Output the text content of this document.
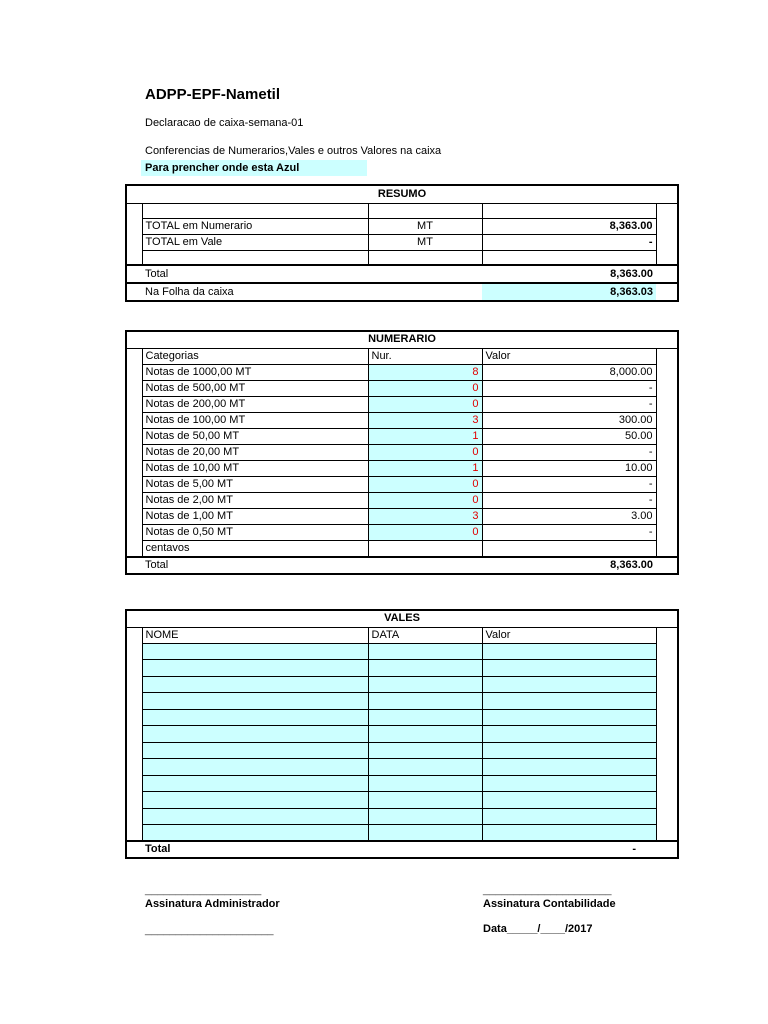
ADPP-EPF-Nametil
Declaracao de caixa-semana-01
Conferencias de Numerarios,Vales e outros Valores na caixa
Para prencher onde esta Azul
RESUMO				

	TOTAL em Numerario	MT	8,363.00	
	TOTAL em Vale	MT	-	

	Total		8,363.00	
	Na Folha da caixa		8,363.03	
NUMERARIO				
	Categorias	Nur.	Valor	
	Notas de 1000,00 MT	8	8,000.00	
	Notas de 500,00 MT	0	-	
	Notas de 200,00 MT	0	-	
	Notas de 100,00 MT	3	300.00	
	Notas de 50,00 MT	1	50.00	
	Notas de 20,00 MT	0	-	
	Notas de 10,00 MT	1	10.00	
	Notas de 5,00 MT	0	-	
	Notas de 2,00 MT	0	-	
	Notas de 1,00 MT	3	3.00	
	Notas de 0,50 MT	0	-	
	centavos			
	Total		8,363.00	
VALES				
	NOME	DATA	Valor	

	Total		-	
___________________
Assinatura Administrador
_____________________
_____________________
Assinatura Contabilidade
Data_____/____/2017
